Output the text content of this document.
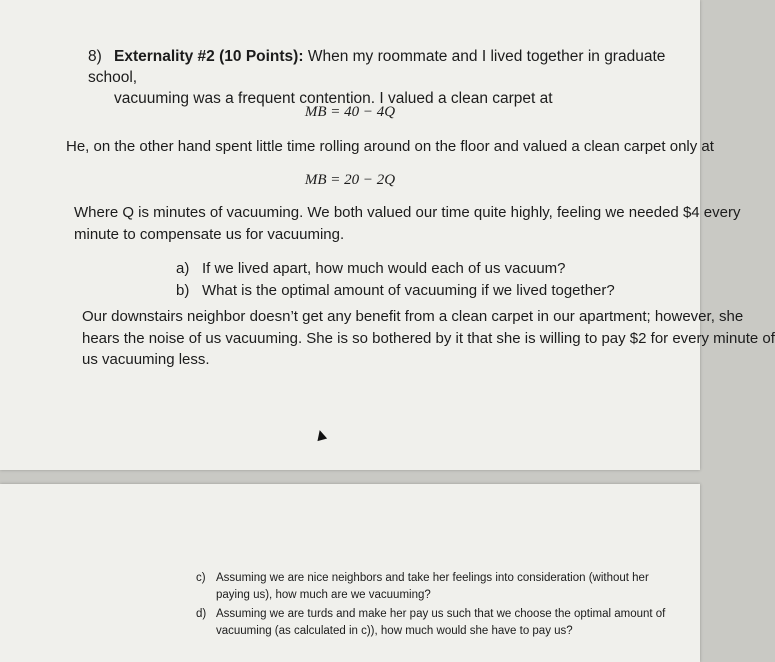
8) Externality #2 (10 Points): When my roommate and I lived together in graduate school,
vacuuming was a frequent contention. I valued a clean carpet at
MB = 40 − 4Q
He, on the other hand spent little time rolling around on the floor and valued a clean carpet only at
MB = 20 − 2Q
Where Q is minutes of vacuuming. We both valued our time quite highly, feeling we needed $4 every
minute to compensate us for vacuuming.
a) If we lived apart, how much would each of us vacuum?
b) What is the optimal amount of vacuuming if we lived together?
Our downstairs neighbor doesn’t get any benefit from a clean carpet in our apartment; however, she
hears the noise of us vacuuming. She is so bothered by it that she is willing to pay $2 for every minute of
us vacuuming less.
c) Assuming we are nice neighbors and take her feelings into consideration (without her paying us), how much are we vacuuming?
d) Assuming we are turds and make her pay us such that we choose the optimal amount of vacuuming (as calculated in c)), how much would she have to pay us?
